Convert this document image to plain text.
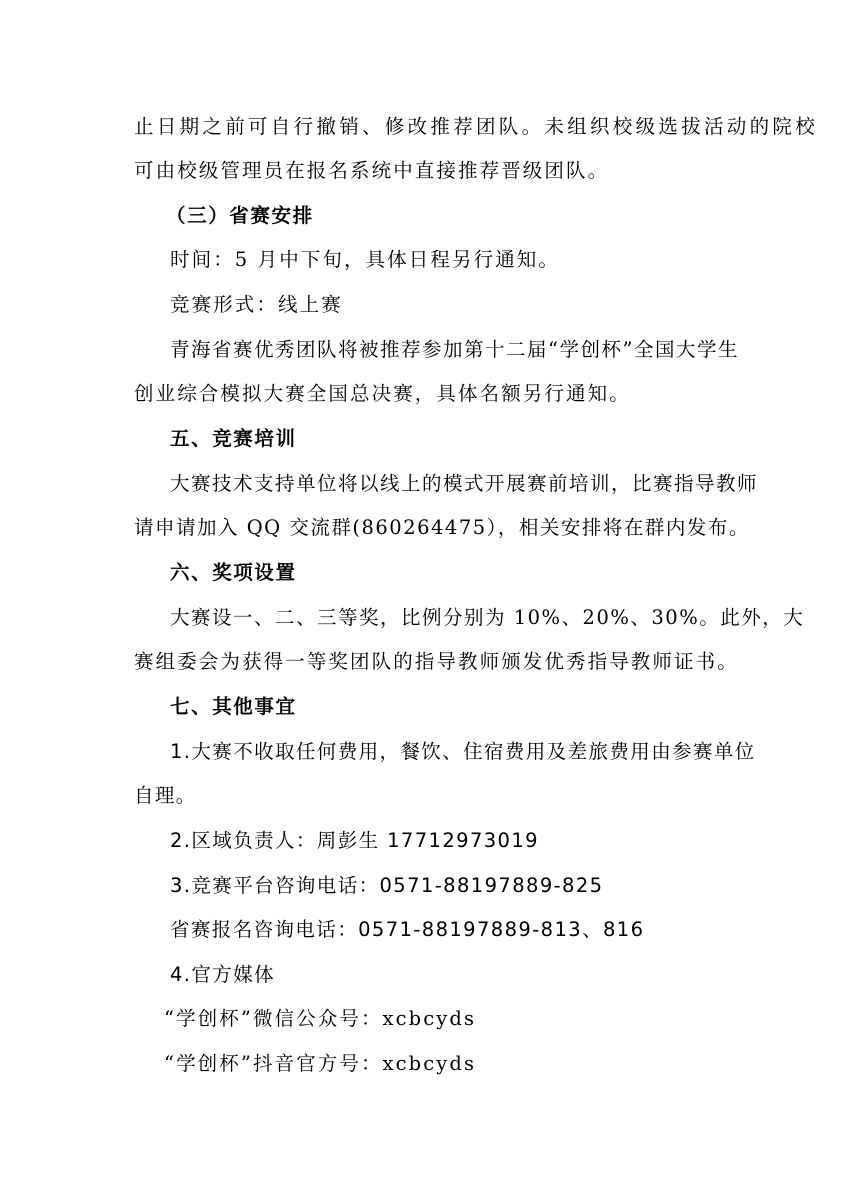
止日期之前可自行撤销、修改推荐团队。未组织校级选拔活动的院校
可由校级管理员在报名系统中直接推荐晋级团队。
（三）省赛安排
时间：5 月中下旬，具体日程另行通知。
竞赛形式：线上赛
青海省赛优秀团队将被推荐参加第十二届“学创杯”全国大学生
创业综合模拟大赛全国总决赛，具体名额另行通知。
五、竞赛培训
大赛技术支持单位将以线上的模式开展赛前培训，比赛指导教师
请申请加入 QQ 交流群(860264475），相关安排将在群内发布。
六、奖项设置
大赛设一、二、三等奖，比例分别为 10%、20%、30%。此外，大
赛组委会为获得一等奖团队的指导教师颁发优秀指导教师证书。
七、其他事宜
1.大赛不收取任何费用，餐饮、住宿费用及差旅费用由参赛单位
自理。
2.区域负责人：周彭生 17712973019
3.竞赛平台咨询电话：0571-88197889-825
省赛报名咨询电话：0571-88197889-813、816
4.官方媒体
“学创杯”微信公众号：xcbcyds
“学创杯”抖音官方号：xcbcyds
